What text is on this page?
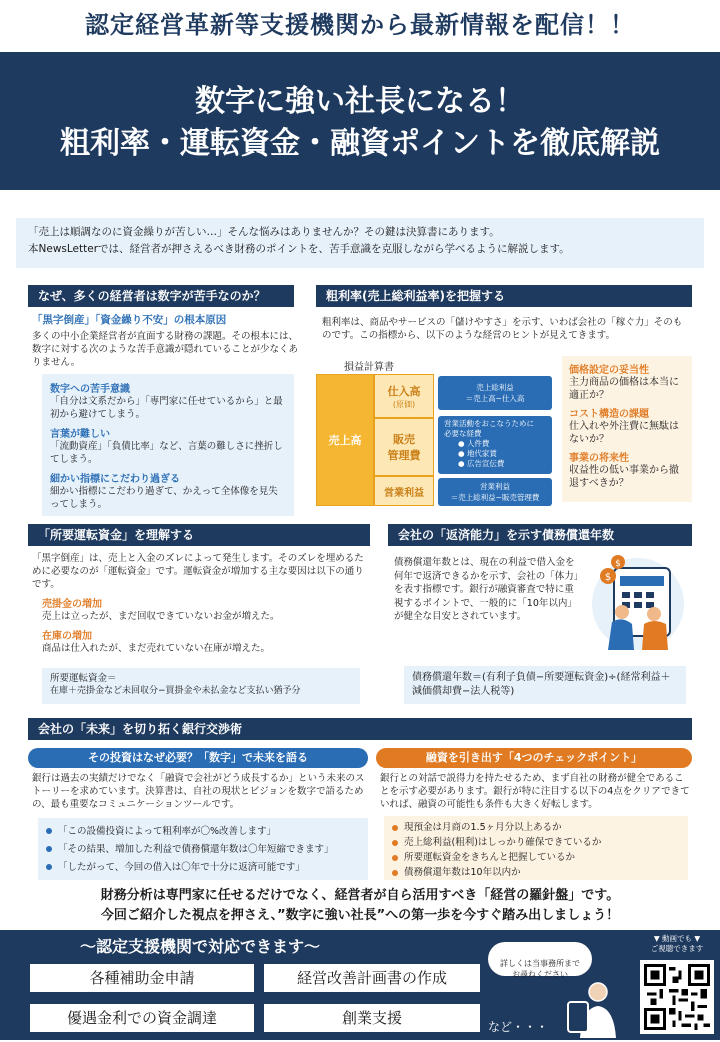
認定経営革新等支援機関から最新情報を配信！！
数字に強い社長になる！
粗利率・運転資金・融資ポイントを徹底解説
「売上は順調なのに資金繰りが苦しい…」そんな悩みはありませんか？その鍵は決算書にあります。
本NewsLetterでは、経営者が押さえるべき財務のポイントを、苦手意識を克服しながら学べるように解説します。
なぜ、多くの経営者は数字が苦手なのか？
「黒字倒産」「資金繰り不安」の根本原因
多くの中小企業経営者が直面する財務の課題。その根本には、数字に対する次のような苦手意識が隠れていることが少なくありません。
数字への苦手意識
「自分は文系だから」「専門家に任せているから」と最初から避けてしまう。
言葉が難しい
「流動資産」「負債比率」など、言葉の難しさに挫折してしまう。
細かい指標にこだわり過ぎる
細かい指標にこだわり過ぎて、かえって全体像を見失ってしまう。
粗利率(売上総利益率)を把握する
粗利率は、商品やサービスの「儲けやすさ」を示す、いわば会社の「稼ぐ力」そのものです。この指標から、以下のような経営のヒントが見えてきます。
損益計算書
売上高
仕入高
(原価)
販売
管理費
営業利益
売上総利益
＝売上高−仕入高
営業活動をおこなうために
必要な経費
● 人件費
● 地代家賃
● 広告宣伝費
営業利益
＝売上総利益−販売管理費
価格設定の妥当性
主力商品の価格は本当に適正か？
コスト構造の課題
仕入れや外注費に無駄はないか？
事業の将来性
収益性の低い事業から撤退すべきか？
「所要運転資金」を理解する
「黒字倒産」は、売上と入金のズレによって発生します。そのズレを埋めるために必要なのが「運転資金」です。運転資金が増加する主な要因は以下の通りです。
売掛金の増加
売上は立ったが、まだ回収できていないお金が増えた。
在庫の増加
商品は仕入れたが、まだ売れていない在庫が増えた。
所要運転資金＝
在庫＋売掛金など未回収分−買掛金や未払金など支払い猶予分
会社の「返済能力」を示す債務償還年数
債務償還年数とは、現在の利益で借入金を何年で返済できるかを示す、会社の「体力」を表す指標です。銀行が融資審査で特に重視するポイントで、一般的に「10年以内」が健全な目安とされています。
$
$
債務償還年数＝(有利子負債−所要運転資金)÷(経常利益＋減価償却費−法人税等)
会社の「未来」を切り拓く銀行交渉術
その投資はなぜ必要？「数字」で未来を語る
銀行は過去の実績だけでなく「融資で会社がどう成長するか」という未来のストーリーを求めています。決算書は、自社の現状とビジョンを数字で語るための、最も重要なコミュニケーションツールです。
「この設備投資によって粗利率が〇%改善します」
「その結果、増加した利益で債務償還年数は〇年短縮できます」
「したがって、今回の借入は〇年で十分に返済可能です」
融資を引き出す「4つのチェックポイント」
銀行との対話で説得力を持たせるため、まず自社の財務が健全であることを示す必要があります。銀行が特に注目する以下の4点をクリアできていれば、融資の可能性も条件も大きく好転します。
現預金は月商の1.5ヶ月分以上あるか
売上総利益(粗利)はしっかり確保できているか
所要運転資金をきちんと把握しているか
債務償還年数は10年以内か
財務分析は専門家に任せるだけでなく、経営者が自ら活用すべき「経営の羅針盤」です。
今回ご紹介した視点を押さえ、”数字に強い社長”への第一歩を今すぐ踏み出しましょう！
〜認定支援機関で対応できます〜
各種補助金申請	経営改善計画書の作成
優遇金利での資金調達	創業支援	など・・・

詳しくは当事務所まで
お尋ねください

▼ 動画でも ▼
ご視聴できます
